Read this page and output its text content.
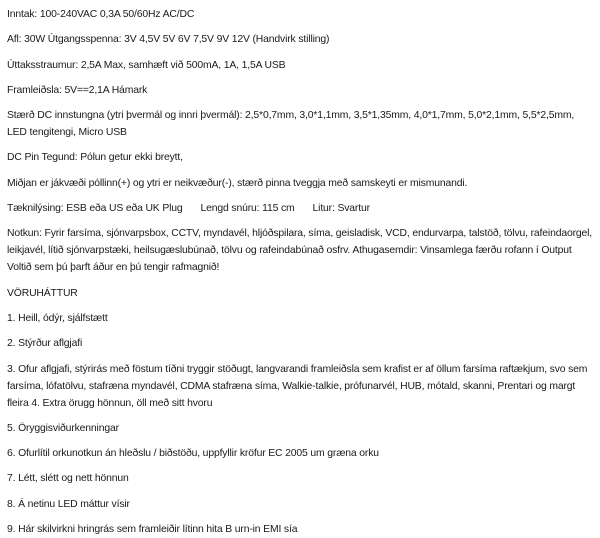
Inntak: 100-240VAC 0,3A 50/60Hz AC/DC

Afl: 30W Útgangsspenna: 3V 4,5V 5V 6V 7,5V 9V 12V (Handvirk stilling)

Úttaksstraumur: 2,5A Max, samhæft við 500mA, 1A, 1,5A USB

Framleiðsla: 5V==2,1A Hámark

Stærð DC innstungna (ytri þvermál og innri þvermál): 2,5*0,7mm, 3,0*1,1mm, 3,5*1,35mm, 4,0*1,7mm, 5,0*2,1mm, 5,5*2,5mm, LED tengitengi, Micro USB

DC Pin Tegund: Pólun getur ekki breytt,

Miðjan er jákvæði póllinn(+) og ytri er neikvæður(-), stærð pinna tveggja með samskeyti er mismunandi.

Tæknilýsing: ESB eða US eða UK Plug Lengd snúru: 115 cm Litur: Svartur

Notkun: Fyrir farsíma, sjónvarpsbox, CCTV, myndavél, hljóðspilara, síma, geisladisk, VCD, endurvarpa, talstöð, tölvu, rafeindaorgel, leikjavél, lítið sjónvarpstæki, heilsugæslubúnað, tölvu og rafeindabúnað osfrv. Athugasemdir: Vinsamlega færðu rofann í Output Voltið sem þú þarft áður en þú tengir rafmagnið!

VÖRUHÁTTUR

1. Heill, ódýr, sjálfstætt

2. Stýrður aflgjafi

3. Ofur aflgjafi, stýrirás með föstum tíðni tryggir stöðugt, langvarandi framleiðsla sem krafist er af öllum farsíma raftækjum, svo sem farsíma, lófatölvu, stafræna myndavél, CDMA stafræna síma, Walkie-talkie, prófunarvél, HUB, mótald, skanni, Prentari og margt fleira 4. Extra örugg hönnun, öll með sitt hvoru

5. Öryggisviðurkenningar

6. Ofurlítil orkunotkun án hleðslu / biðstöðu, uppfyllir kröfur EC 2005 um græna orku

7. Létt, slétt og nett hönnun

8. Á netinu LED máttur vísir

9. Hár skilvirkni hringrás sem framleiðir lítinn hita B urn-in EMI sía
